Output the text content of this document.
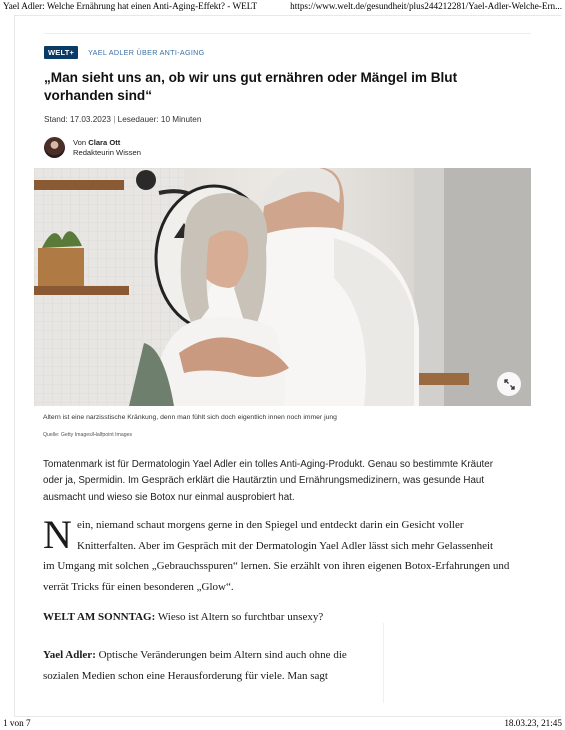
Yael Adler: Welche Ernährung hat einen Anti-Aging-Effekt? - WELT	https://www.welt.de/gesundheit/plus244212281/Yael-Adler-Welche-Ern...
WELT+	YAEL ADLER ÜBER ANTI-AGING
„Man sieht uns an, ob wir uns gut ernähren oder Mängel im Blut vorhanden sind“
Stand: 17.03.2023 | Lesedauer: 10 Minuten
Von Clara Ott
Redakteurin Wissen
Altern ist eine narzisstische Kränkung, denn man fühlt sich doch eigentlich innen noch immer jung
Quelle: Getty Images/Halfpoint Images

Tomatenmark ist für Dermatologin Yael Adler ein tolles Anti-Aging-Produkt. Genau so bestimmte Kräuter oder ja, Spermidin. Im Gespräch erklärt die Hautärztin und Ernährungsmedizinern, was gesunde Haut ausmacht und wieso sie Botox nur einmal ausprobiert hat.

N ein, niemand schaut morgens gerne in den Spiegel und entdeckt darin ein Gesicht voller
Knitterfalten. Aber im Gespräch mit der Dermatologin Yael Adler lässt sich mehr Gelassenheit
im Umgang mit solchen „Gebrauchsspuren“ lernen. Sie erzählt von ihren eigenen Botox-Erfahrungen und verrät Tricks für einen besonderen „Glow“.

WELT AM SONNTAG: Wieso ist Altern so furchtbar unsexy?

Yael Adler: Optische Veränderungen beim Altern sind auch ohne die sozialen Medien schon eine Herausforderung für viele. Man sagt

1 von 7	18.03.23, 21:45
